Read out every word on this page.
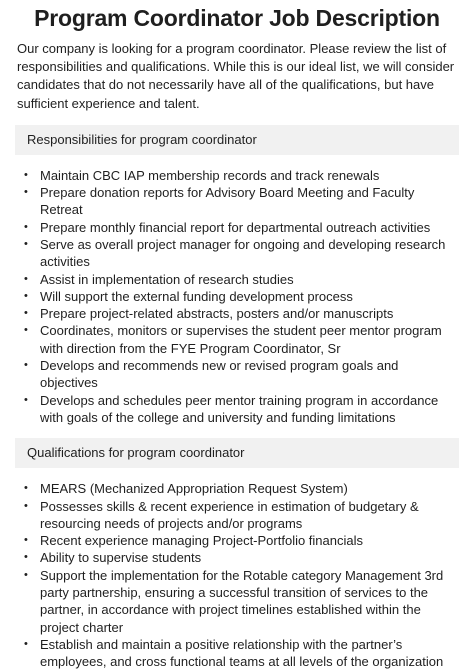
Program Coordinator Job Description

Our company is looking for a program coordinator. Please review the list of responsibilities and qualifications. While this is our ideal list, we will consider candidates that do not necessarily have all of the qualifications, but have sufficient experience and talent.

Responsibilities for program coordinator
• Maintain CBC IAP membership records and track renewals
• Prepare donation reports for Advisory Board Meeting and Faculty Retreat
• Prepare monthly financial report for departmental outreach activities
• Serve as overall project manager for ongoing and developing research activities
• Assist in implementation of research studies
• Will support the external funding development process
• Prepare project-related abstracts, posters and/or manuscripts
• Coordinates, monitors or supervises the student peer mentor program with direction from the FYE Program Coordinator, Sr
• Develops and recommends new or revised program goals and objectives
• Develops and schedules peer mentor training program in accordance with goals of the college and university and funding limitations
Qualifications for program coordinator
• MEARS (Mechanized Appropriation Request System)
• Possesses skills & recent experience in estimation of budgetary & resourcing needs of projects and/or programs
• Recent experience managing Project-Portfolio financials
• Ability to supervise students
• Support the implementation for the Rotable category Management 3rd party partnership, ensuring a successful transition of services to the partner, in accordance with project timelines established within the project charter
• Establish and maintain a positive relationship with the partner’s employees, and cross functional teams at all levels of the organization
